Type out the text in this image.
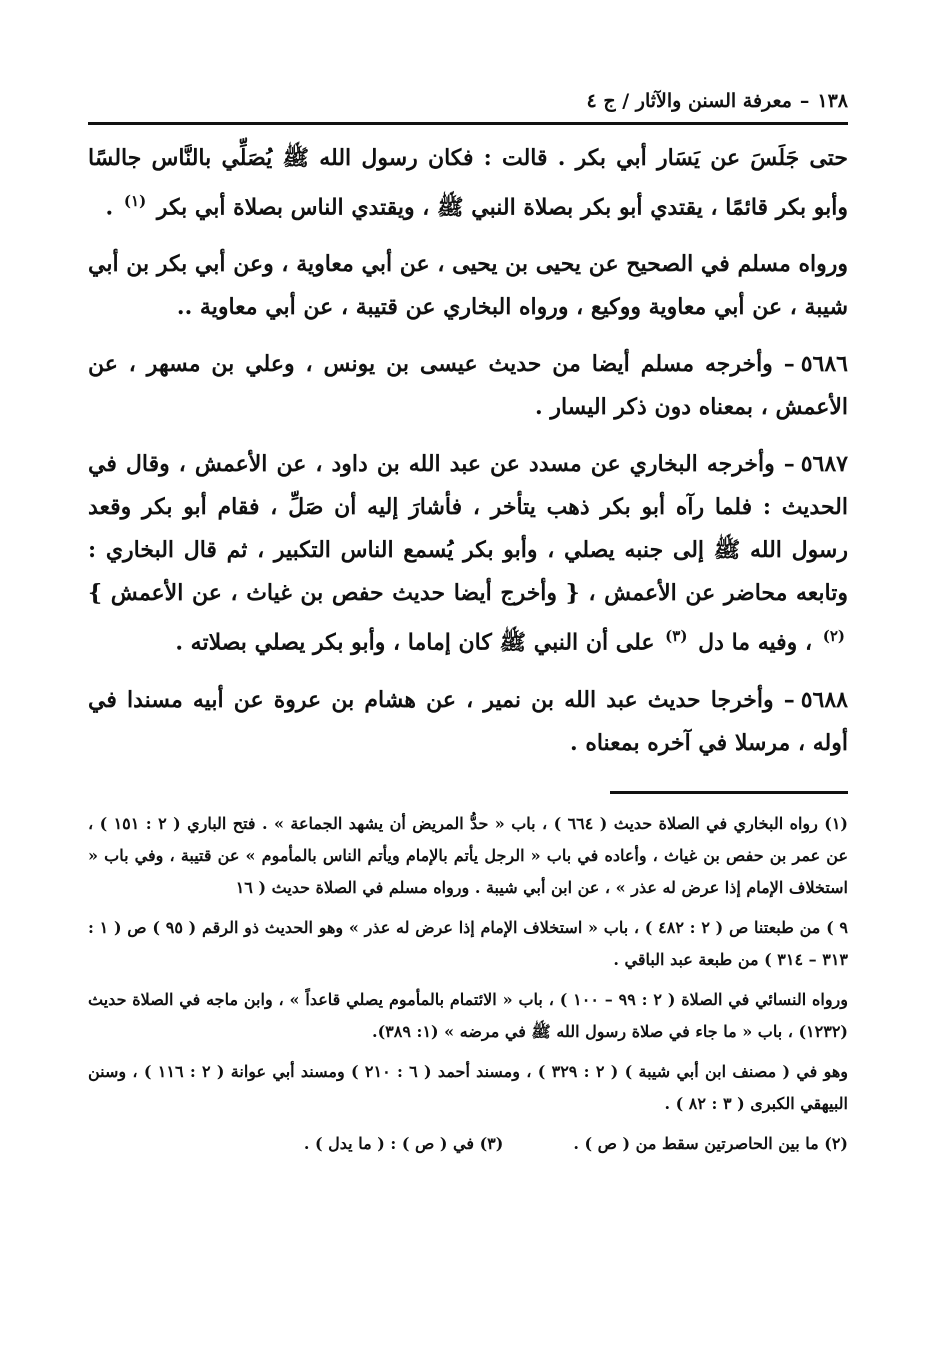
١٣٨
–
معرفة السنن والآثار / ج ٤

حتى جَلَسَ عن يَسَار أبي بكر . قالت : فكان رسول الله ﷺ يُصَلِّي بالنَّاس جالسًا وأبو بكر قائمًا ، يقتدي أبو بكر بصلاة النبي ﷺ ، ويقتدي الناس بصلاة أبي بكر $^{(١)}$ .

ورواه مسلم في الصحيح عن يحيى بن يحيى ، عن أبي معاوية ، وعن أبي بكر بن أبي شيبة ، عن أبي معاوية ووكيع ، ورواه البخاري عن قتيبة ، عن أبي معاوية ..

٥٦٨٦– وأخرجه مسلم أيضا من حديث عيسى بن يونس ، وعلي بن مسهر ، عن الأعمش ، بمعناه دون ذكر اليسار .

٥٦٨٧– وأخرجه البخاري عن مسدد عن عبد الله بن داود ، عن الأعمش ، وقال في الحديث : فلما رآه أبو بكر ذهب يتأخر ، فأشارَ إليه أن صَلِّ ، فقام أبو بكر وقعد رسول الله ﷺ إلى جنبه يصلي ، وأبو بكر يُسمع الناس التكبير ، ثم قال البخاري : وتابعه محاضر عن الأعمش ، { وأخرج أيضا حديث حفص بن غياث ، عن الأعمش } $^{(٢)}$ ، وفيه ما دل $^{(٣)}$ على أن النبي ﷺ كان إماما ، وأبو بكر يصلي بصلاته .

٥٦٨٨– وأخرجا حديث عبد الله بن نمير ، عن هشام بن عروة عن أبيه مسندا في أوله ، مرسلا في آخره بمعناه .

(١) رواه البخاري في الصلاة حديث ( ٦٦٤ ) ، باب « حدُّ المريض أن يشهد الجماعة » . فتح الباري ( ٢ : ١٥١ ) ، عن عمر بن حفص بن غياث ، وأعاده في باب « الرجل يأتم بالإمام ويأتم الناس بالمأموم » عن قتيبة ، وفي باب « استخلاف الإمام إذا عرض له عذر » ، عن ابن أبي شيبة . ورواه مسلم في الصلاة حديث ( ١٦

٩ ) من طبعتنا ص ( ٢ : ٤٨٢ ) ، باب « استخلاف الإمام إذا عرض له عذر » وهو الحديث ذو الرقم ( ٩٥ ) ص ( ١ : ٣١٣ – ٣١٤ ) من طبعة عبد الباقي .

ورواه النسائي في الصلاة ( ٢ : ٩٩ – ١٠٠ ) ، باب « الائتمام بالمأموم يصلي قاعداً » ، وابن ماجه في الصلاة حديث (١٢٣٢) ، باب « ما جاء في صلاة رسول الله ﷺ في مرضه » (١: ٣٨٩).

وهو في ( مصنف ابن أبي شيبة ) ( ٢ : ٣٢٩ ) ، ومسند أحمد ( ٦ : ٢١٠ ) ومسند أبي عوانة ( ٢ : ١١٦ ) ، وسنن البيهقي الكبرى ( ٣ : ٨٢ ) .

(٢) ما بين الحاصرتين سقط من ( ص ) .
(٣) في ( ص ) : ( ما يدل ) .
